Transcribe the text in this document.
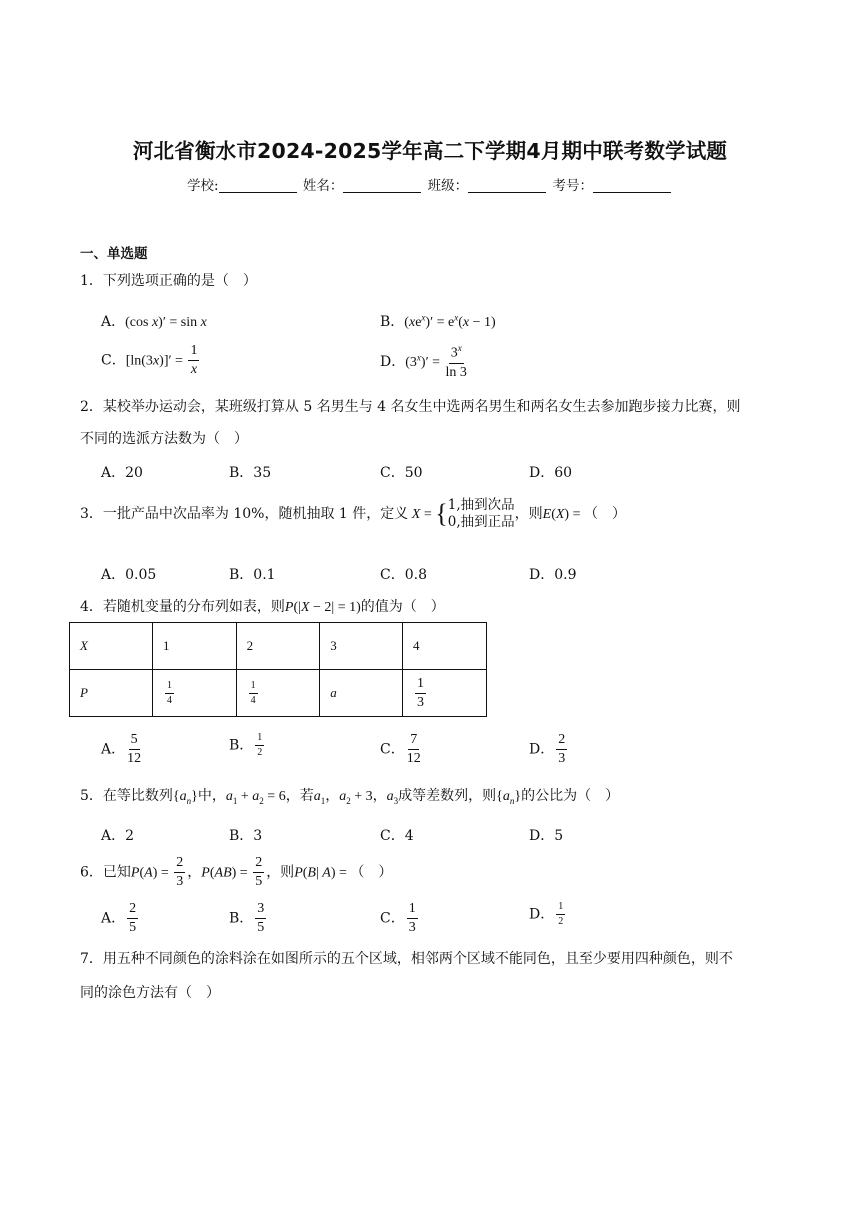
河北省衡水市2024-2025学年高二下学期4月期中联考数学试题
学校:	姓名：	班级：	考号：
一、单选题
1．下列选项正确的是（　）
A．(cos x)′ = sin x	B．$(xe^x)' = e^x(x - 1)$
C．$[\ln(3x)]' = \frac{1}{x}$	D．$(3^x)' = \frac{3^x}{\ln 3}$
2．某校举办运动会，某班级打算从 5 名男生与 4 名女生中选两名男生和两名女生去参加跑步接力比赛，则
不同的选派方法数为（　）
A．20	B．35	C．50	D．60
3．一批产品中次品率为 10%，随机抽取 1 件，定义 X = { 1,抽到次品
0,抽到正品 ，则E(X) = （　）
A．0.05	B．0.1	C．0.8	D．0.9
4．若随机变量的分布列如表，则P(|X − 2| = 1)的值为（　）
X	1	2	3	4
P	$\frac{1}{4}$	$\frac{1}{4}$	a	$\frac{1}{3}$
A． $\frac{5}{12}$	B． $\frac{1}{2}$	C． $\frac{7}{12}$	D． $\frac{2}{3}$
5．在等比数列$\{a_n\}$中，$a_1 + a_2 = 6$，若$a_1$，$a_2 + 3$，$a_3$成等差数列，则$\{a_n\}$的公比为（　）
A．2	B．3	C．4	D．5
6．已知$P(A) = \frac{2}{3}$ ，$P(AB) = \frac{2}{5}$ ，则P(B| A) = （　）
A． $\frac{2}{5}$	B． $\frac{3}{5}$	C． $\frac{1}{3}$	D． $\frac{1}{2}$
7．用五种不同颜色的涂料涂在如图所示的五个区域，相邻两个区域不能同色，且至少要用四种颜色，则不
同的涂色方法有（　）
